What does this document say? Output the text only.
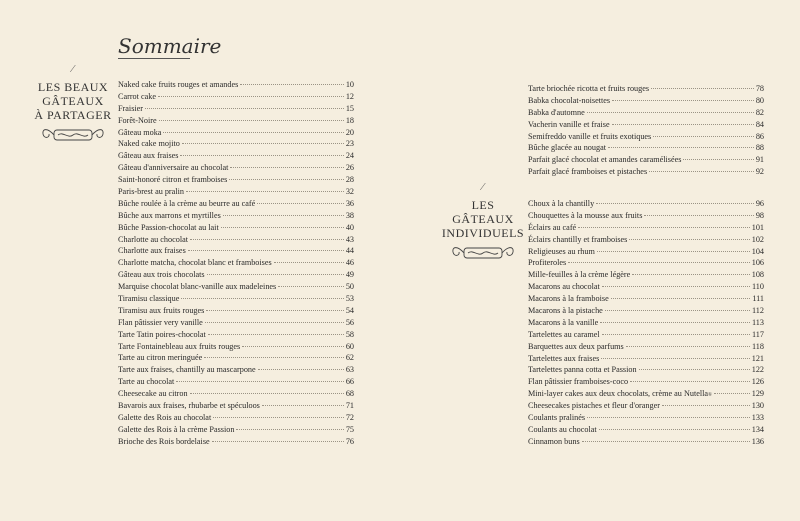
Sommaire
⁄
LES BEAUX
GÂTEAUX
À PARTAGER
Naked cake fruits rouges et amandes	10
Carrot cake	12
Fraisier	15
Forêt-Noire	18
Gâteau moka	20
Naked cake mojito	23
Gâteau aux fraises	24
Gâteau d'anniversaire au chocolat	26
Saint-honoré citron et framboises	28
Paris-brest au pralin	32
Bûche roulée à la crème au beurre au café	36
Bûche aux marrons et myrtilles	38
Bûche Passion-chocolat au lait	40
Charlotte au chocolat	43
Charlotte aux fraises	44
Charlotte matcha, chocolat blanc et framboises	46
Gâteau aux trois chocolats	49
Marquise chocolat blanc-vanille aux madeleines	50
Tiramisu classique	53
Tiramisu aux fruits rouges	54
Flan pâtissier very vanille	56
Tarte Tatin poires-chocolat	58
Tarte Fontainebleau aux fruits rouges	60
Tarte au citron meringuée	62
Tarte aux fraises, chantilly au mascarpone	63
Tarte au chocolat	66
Cheesecake au citron	68
Bavarois aux fraises, rhubarbe et spéculoos	71
Galette des Rois au chocolat	72
Galette des Rois à la crème Passion	75
Brioche des Rois bordelaise	76
Tarte briochée ricotta et fruits rouges	78
Babka chocolat-noisettes	80
Babka d'automne	82
Vacherin vanille et fraise	84
Semifreddo vanille et fruits exotiques	86
Bûche glacée au nougat	88
Parfait glacé chocolat et amandes caramélisées	91
Parfait glacé framboises et pistaches	92
⁄
LES
GÂTEAUX
INDIVIDUELS
Choux à la chantilly	96
Chouquettes à la mousse aux fruits	98
Éclairs au café	101
Éclairs chantilly et framboises	102
Religieuses au rhum	104
Profiteroles	106
Mille-feuilles à la crème légère	108
Macarons au chocolat	110
Macarons à la framboise	111
Macarons à la pistache	112
Macarons à la vanille	113
Tartelettes au caramel	117
Barquettes aux deux parfums	118
Tartelettes aux fraises	121
Tartelettes panna cotta et Passion	122
Flan pâtissier framboises-coco	126
Mini-layer cakes aux deux chocolats, crème au Nutella ®	129
Cheesecakes pistaches et fleur d'oranger	130
Coulants pralinés	133
Coulants au chocolat	134
Cinnamon buns	136
